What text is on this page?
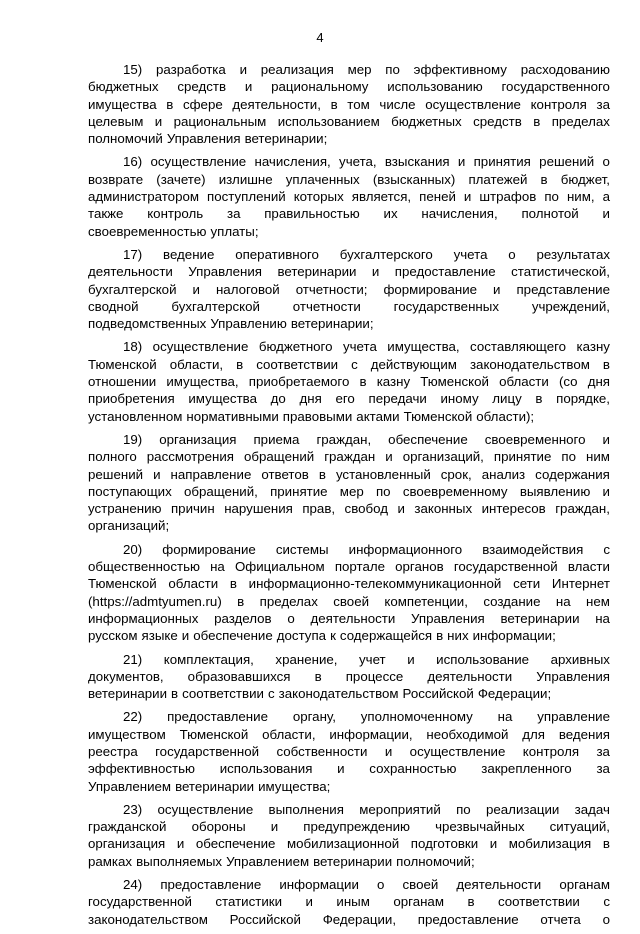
4
15) разработка и реализация мер по эффективному расходованию
бюджетных средств и рациональному использованию государственного
имущества в сфере деятельности, в том числе осуществление контроля за
целевым и рациональным использованием бюджетных средств в пределах
полномочий Управления ветеринарии;
16) осуществление начисления, учета, взыскания и принятия решений о
возврате (зачете) излишне уплаченных (взысканных) платежей в бюджет,
администратором поступлений которых является, пеней и штрафов по ним, а
также контроль за правильностью их начисления, полнотой и
своевременностью уплаты;
17) ведение оперативного бухгалтерского учета о результатах
деятельности Управления ветеринарии и предоставление статистической,
бухгалтерской и налоговой отчетности; формирование и представление
сводной бухгалтерской отчетности государственных учреждений,
подведомственных Управлению ветеринарии;
18) осуществление бюджетного учета имущества, составляющего казну
Тюменской области, в соответствии с действующим законодательством в
отношении имущества, приобретаемого в казну Тюменской области (со дня
приобретения имущества до дня его передачи иному лицу в порядке,
установленном нормативными правовыми актами Тюменской области);
19) организация приема граждан, обеспечение своевременного и
полного рассмотрения обращений граждан и организаций, принятие по ним
решений и направление ответов в установленный срок, анализ содержания
поступающих обращений, принятие мер по своевременному выявлению и
устранению причин нарушения прав, свобод и законных интересов граждан,
организаций;
20) формирование системы информационного взаимодействия с
общественностью на Официальном портале органов государственной власти
Тюменской области в информационно-телекоммуникационной сети Интернет
(https://admtyumen.ru) в пределах своей компетенции, создание на нем
информационных разделов о деятельности Управления ветеринарии на
русском языке и обеспечение доступа к содержащейся в них информации;
21) комплектация, хранение, учет и использование архивных
документов, образовавшихся в процессе деятельности Управления
ветеринарии в соответствии с законодательством Российской Федерации;
22) предоставление органу, уполномоченному на управление
имуществом Тюменской области, информации, необходимой для ведения
реестра государственной собственности и осуществление контроля за
эффективностью использования и сохранностью закрепленного за
Управлением ветеринарии имущества;
23) осуществление выполнения мероприятий по реализации задач
гражданской обороны и предупреждению чрезвычайных ситуаций,
организация и обеспечение мобилизационной подготовки и мобилизация в
рамках выполняемых Управлением ветеринарии полномочий;
24) предоставление информации о своей деятельности органам
государственной статистики и иным органам в соответствии с
законодательством Российской Федерации, предоставление отчета о
